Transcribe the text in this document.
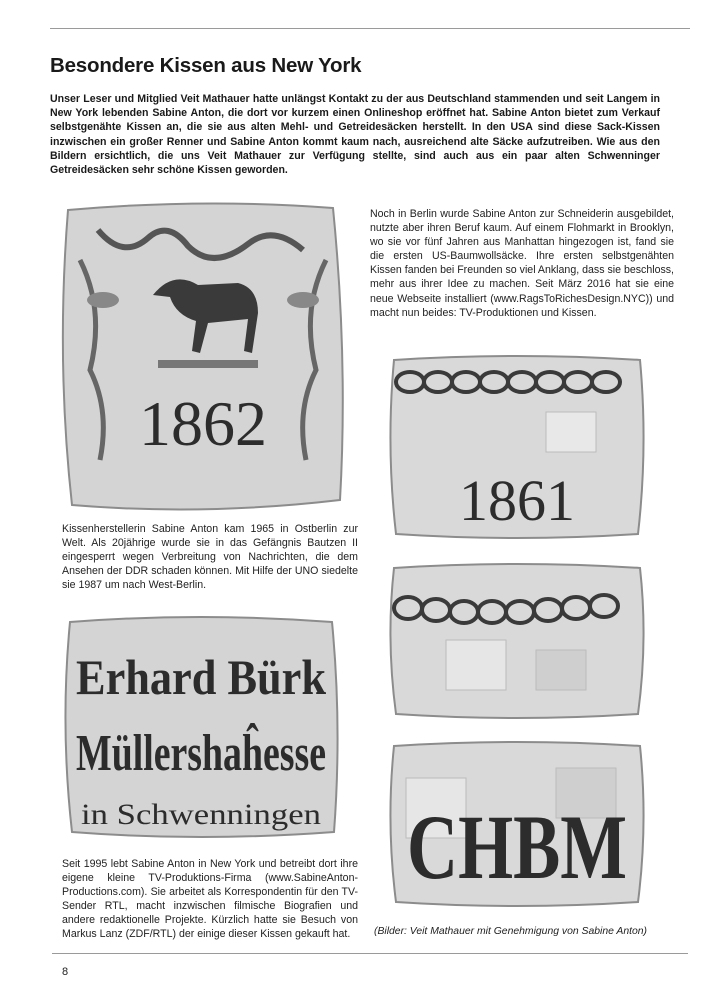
Besondere Kissen aus New York
Unser Leser und Mitglied Veit Mathauer hatte unlängst Kontakt zu der aus Deutschland stammenden und seit Langem in New York lebenden Sabine Anton, die dort vor kurzem einen Onlineshop eröffnet hat. Sabine Anton bietet zum Verkauf selbstgenähte Kissen an, die sie aus alten Mehl- und Getreidesäcken herstellt. In den USA sind diese Sack-Kissen inzwischen ein großer Renner und Sabine Anton kommt kaum nach, ausreichend alte Säcke aufzutreiben. Wie aus den Bildern ersichtlich, die uns Veit Mathauer zur Verfügung stellte, sind auch aus ein paar alten Schwenninger Getreidesäcken sehr schöne Kissen geworden.
1862
Noch in Berlin wurde Sabine Anton zur Schneiderin ausgebildet, nutzte aber ihren Beruf kaum. Auf einem Flohmarkt in Brooklyn, wo sie vor fünf Jahren aus Manhattan hingezogen ist, fand sie die ersten US-Baumwollsäcke. Ihre ersten selbstgenähten Kissen fanden bei Freunden so viel Anklang, dass sie beschloss, mehr aus ihrer Idee zu machen. Seit März 2016 hat sie eine neue Webseite installiert (www.RagsToRichesDesign.NYC)) und macht nun beides: TV-Produktionen und Kissen.
1861
Kissenherstellerin Sabine Anton kam 1965 in Ostberlin zur Welt. Als 20jährige wurde sie in das Gefängnis Bautzen II eingesperrt wegen Verbreitung von Nachrichten, die dem Ansehen der DDR schaden können. Mit Hilfe der UNO siedelte sie 1987 um nach West-Berlin.
Erhard Bürk
Müllershaĥesse
in Schwenningen CHBM
Seit 1995 lebt Sabine Anton in New York und betreibt dort ihre eigene kleine TV-Produktions-Firma (www.SabineAnton-Productions.com). Sie arbeitet als Korrespondentin für den TV-Sender RTL, macht inzwischen filmische Biografien und andere redaktionelle Projekte. Kürzlich hatte sie Besuch von Markus Lanz (ZDF/RTL) der einige dieser Kissen gekauft hat.	(Bilder: Veit Mathauer mit Genehmigung von Sabine Anton)
8
